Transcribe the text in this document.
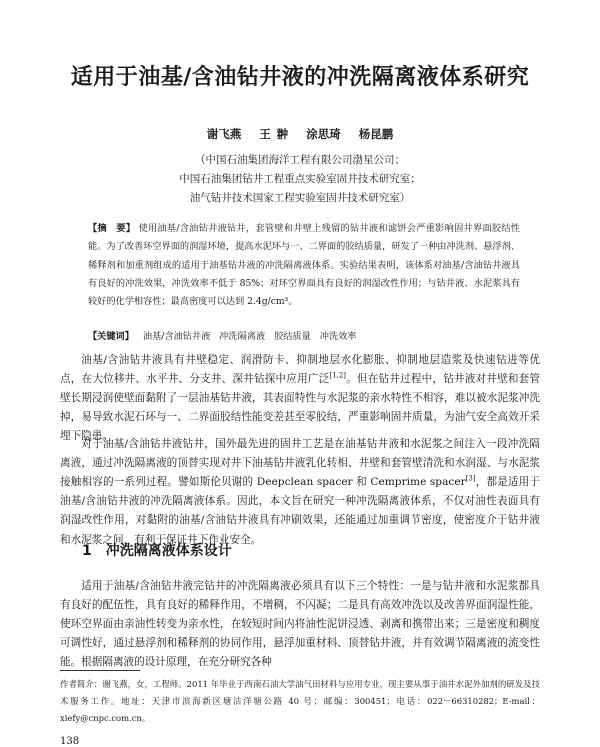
适用于油基/含油钻井液的冲洗隔离液体系研究
谢飞燕 王 翀 涂思琦 杨昆鹏
（中国石油集团海洋工程有限公司渤星公司；
中国石油集团钻井工程重点实验室固井技术研究室；
油气钻井技术国家工程实验室固井技术研究室）
【摘　要】 使用油基/含油钻井液钻井，套管壁和井壁上残留的钻井液和滤饼会严重影响固井界面胶结性能。为了改善环空界面的润湿环境，提高水泥环与一、二界面的胶结质量，研发了一种由冲洗剂、悬浮剂、稀释剂和加重剂组成的适用于油基钻井液的冲洗隔离液体系。实验结果表明，该体系对油基/含油钻井液具有良好的冲洗效果，冲洗效率不低于 85%；对环空界面具有良好的润湿改性作用；与钻井液、水泥浆具有较好的化学相容性；最高密度可以达到 2.4g/cm³。
【关键词】 油基/含油钻井液 冲洗隔离液 胶结质量 冲洗效率

油基/含油钻井液具有井壁稳定、润滑防卡、抑制地层水化膨胀、抑制地层造浆及快速钻进等优点，在大位移井、水平井、分支井、深井钻探中应用广泛[1,2]。但在钻井过程中，钻井液对井壁和套管壁长期浸润使壁面黏附了一层油基钻井液，其表面特性与水泥浆的亲水特性不相容，难以被水泥浆冲洗掉，易导致水泥石环与一、二界面胶结性能变差甚至零胶结，严重影响固井质量，为油气安全高效开采埋下隐患。

对于油基/含油钻井液钻井，国外最先进的固井工艺是在油基钻井液和水泥浆之间注入一段冲洗隔离液，通过冲洗隔离液的顶替实现对井下油基钻井液乳化转相、井壁和套管壁清洗和水润湿、与水泥浆接触相容的一系列过程。譬如斯伦贝谢的 Deepclean spacer 和 Cemprime spacer[3]，都是适用于油基/含油钻井液的冲洗隔离液体系。因此，本文旨在研究一种冲洗隔离液体系，不仅对油性表面具有润湿改性作用，对黏附的油基/含油钻井液具有冲刷效果，还能通过加重调节密度，使密度介于钻井液和水泥浆之间，有利于保证井下作业安全。

1 冲洗隔离液体系设计

适用于油基/含油钻井液完钻井的冲洗隔离液必须具有以下三个特性：一是与钻井液和水泥浆都具有良好的配伍性，具有良好的稀释作用，不增稠，不闪凝；二是具有高效冲洗以及改善界面润湿性能，使环空界面由亲油性转变为亲水性，在较短时间内将油性泥饼浸透、剥离和携带出来；三是密度和稠度可调性好，通过悬浮剂和稀释剂的协同作用，悬浮加重材料、顶替钻井液，并有效调节隔离液的流变性能。根据隔离液的设计原理，在充分研究各种

作者简介：谢飞燕，女，工程师。2011 年毕业于西南石油大学油气田材料与应用专业，现主要从事于油井水泥外加剂的研发及技术服务工作。地址：天津市滨海新区塘沽洋塘公路 40 号；邮编：300451；电话：022－66310282；E-mail：xiefy@cnpc.com.cn。
138
